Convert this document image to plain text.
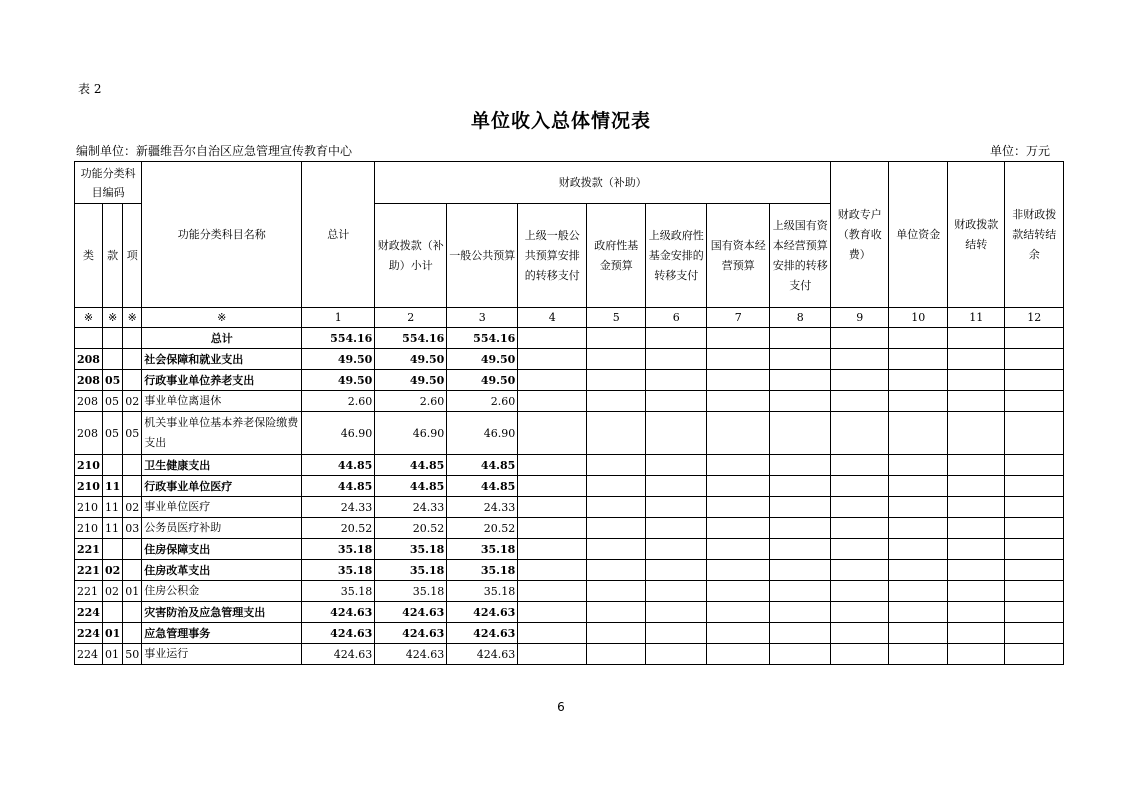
表 2
单位收入总体情况表
编制单位：新疆维吾尔自治区应急管理宣传教育中心	单位：万元
功能分类科目编码			功能分类科目名称	总计	财政拨款（补助）							财政专户（教育收费）	单位资金	财政拨款结转	非财政拨款结转结余
类	款	项			财政拨款（补助）小计	一般公共预算	上级一般公共预算安排的转移支付	政府性基金预算	上级政府性基金安排的转移支付	国有资本经营预算	上级国有资本经营预算安排的转移支付				
※	※	※	※	1	2	3	4	5	6	7	8	9	10	11	12
			总计	554.16	554.16	554.16									
208			社会保障和就业支出	49.50	49.50	49.50									
208	05		行政事业单位养老支出	49.50	49.50	49.50									
208	05	02	事业单位离退休	2.60	2.60	2.60									
208	05	05	机关事业单位基本养老保险缴费支出	46.90	46.90	46.90									
210			卫生健康支出	44.85	44.85	44.85									
210	11		行政事业单位医疗	44.85	44.85	44.85									
210	11	02	事业单位医疗	24.33	24.33	24.33									
210	11	03	公务员医疗补助	20.52	20.52	20.52									
221			住房保障支出	35.18	35.18	35.18									
221	02		住房改革支出	35.18	35.18	35.18									
221	02	01	住房公积金	35.18	35.18	35.18									
224			灾害防治及应急管理支出	424.63	424.63	424.63									
224	01		应急管理事务	424.63	424.63	424.63									
224	01	50	事业运行	424.63	424.63	424.63									
6
